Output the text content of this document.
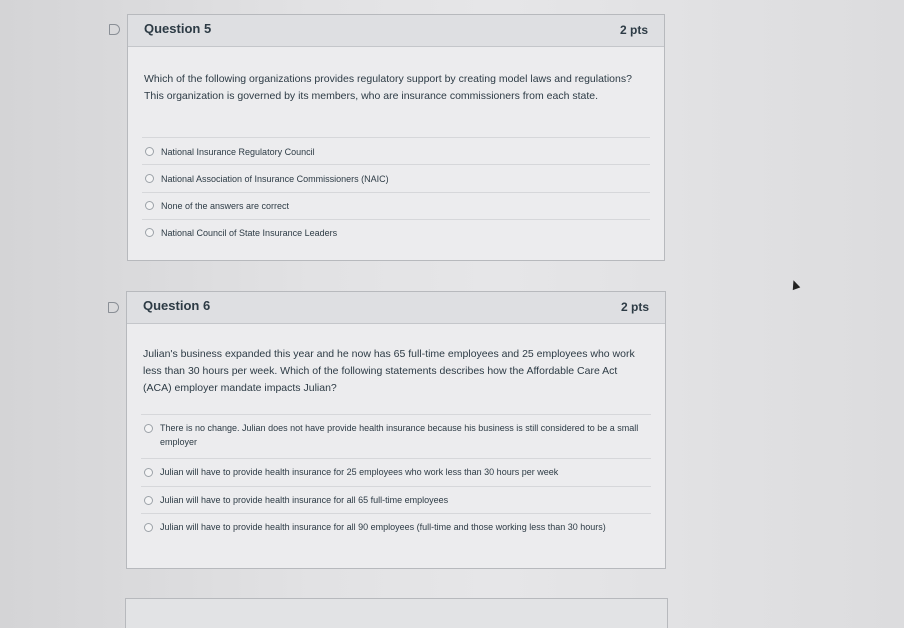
Question 5	2 pts
Which of the following organizations provides regulatory support by creating model laws and regulations? This organization is governed by its members, who are insurance commissioners from each state.
National Insurance Regulatory Council
National Association of Insurance Commissioners (NAIC)
None of the answers are correct
National Council of State Insurance Leaders
Question 6	2 pts
Julian's business expanded this year and he now has 65 full-time employees and 25 employees who work less than 30 hours per week. Which of the following statements describes how the Affordable Care Act (ACA) employer mandate impacts Julian?
There is no change. Julian does not have provide health insurance because his business is still considered to be a small employer
Julian will have to provide health insurance for 25 employees who work less than 30 hours per week
Julian will have to provide health insurance for all 65 full-time employees
Julian will have to provide health insurance for all 90 employees (full-time and those working less than 30 hours)
